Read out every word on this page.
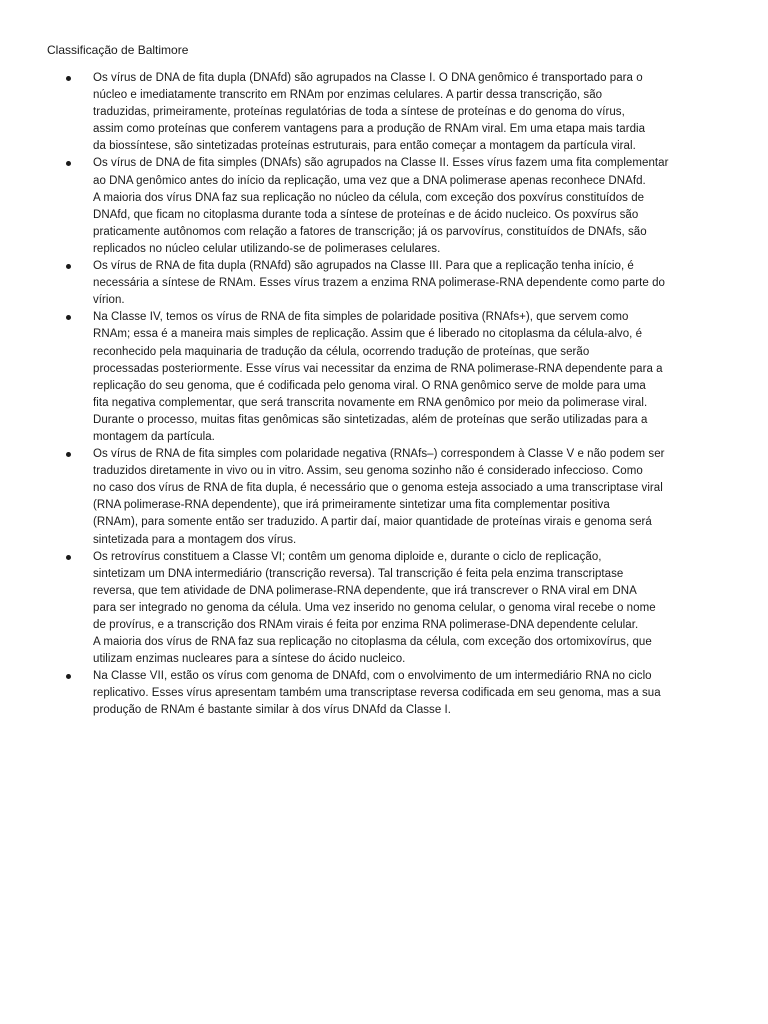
Classificação de Baltimore
Os vírus de DNA de fita dupla (DNAfd) são agrupados na Classe I. O DNA genômico é transportado para o
núcleo e imediatamente transcrito em RNAm por enzimas celulares. A partir dessa transcrição, são
traduzidas, primeiramente, proteínas regulatórias de toda a síntese de proteínas e do genoma do vírus,
assim como proteínas que conferem vantagens para a produção de RNAm viral. Em uma etapa mais tardia
da biossíntese, são sintetizadas proteínas estruturais, para então começar a montagem da partícula viral.
Os vírus de DNA de fita simples (DNAfs) são agrupados na Classe II. Esses vírus fazem uma fita complementar
ao DNA genômico antes do início da replicação, uma vez que a DNA polimerase apenas reconhece DNAfd.
A maioria dos vírus DNA faz sua replicação no núcleo da célula, com exceção dos poxvírus constituídos de
DNAfd, que ficam no citoplasma durante toda a síntese de proteínas e de ácido nucleico. Os poxvírus são
praticamente autônomos com relação a fatores de transcrição; já os parvovírus, constituídos de DNAfs, são
replicados no núcleo celular utilizando-se de polimerases celulares.
Os vírus de RNA de fita dupla (RNAfd) são agrupados na Classe III. Para que a replicação tenha início, é
necessária a síntese de RNAm. Esses vírus trazem a enzima RNA polimerase-RNA dependente como parte do
vírion.
Na Classe IV, temos os vírus de RNA de fita simples de polaridade positiva (RNAfs+), que servem como
RNAm; essa é a maneira mais simples de replicação. Assim que é liberado no citoplasma da célula-alvo, é
reconhecido pela maquinaria de tradução da célula, ocorrendo tradução de proteínas, que serão
processadas posteriormente. Esse vírus vai necessitar da enzima de RNA polimerase-RNA dependente para a
replicação do seu genoma, que é codificada pelo genoma viral. O RNA genômico serve de molde para uma
fita negativa complementar, que será transcrita novamente em RNA genômico por meio da polimerase viral.
Durante o processo, muitas fitas genômicas são sintetizadas, além de proteínas que serão utilizadas para a
montagem da partícula.
Os vírus de RNA de fita simples com polaridade negativa (RNAfs–) correspondem à Classe V e não podem ser
traduzidos diretamente in vivo ou in vitro. Assim, seu genoma sozinho não é considerado infeccioso. Como
no caso dos vírus de RNA de fita dupla, é necessário que o genoma esteja associado a uma transcriptase viral
(RNA polimerase-RNA dependente), que irá primeiramente sintetizar uma fita complementar positiva
(RNAm), para somente então ser traduzido. A partir daí, maior quantidade de proteínas virais e genoma será
sintetizada para a montagem dos vírus.
Os retrovírus constituem a Classe VI; contêm um genoma diploide e, durante o ciclo de replicação,
sintetizam um DNA intermediário (transcrição reversa). Tal transcrição é feita pela enzima transcriptase
reversa, que tem atividade de DNA polimerase-RNA dependente, que irá transcrever o RNA viral em DNA
para ser integrado no genoma da célula. Uma vez inserido no genoma celular, o genoma viral recebe o nome
de provírus, e a transcrição dos RNAm virais é feita por enzima RNA polimerase-DNA dependente celular.
A maioria dos vírus de RNA faz sua replicação no citoplasma da célula, com exceção dos ortomixovírus, que
utilizam enzimas nucleares para a síntese do ácido nucleico.
Na Classe VII, estão os vírus com genoma de DNAfd, com o envolvimento de um intermediário RNA no ciclo
replicativo. Esses vírus apresentam também uma transcriptase reversa codificada em seu genoma, mas a sua
produção de RNAm é bastante similar à dos vírus DNAfd da Classe I.
